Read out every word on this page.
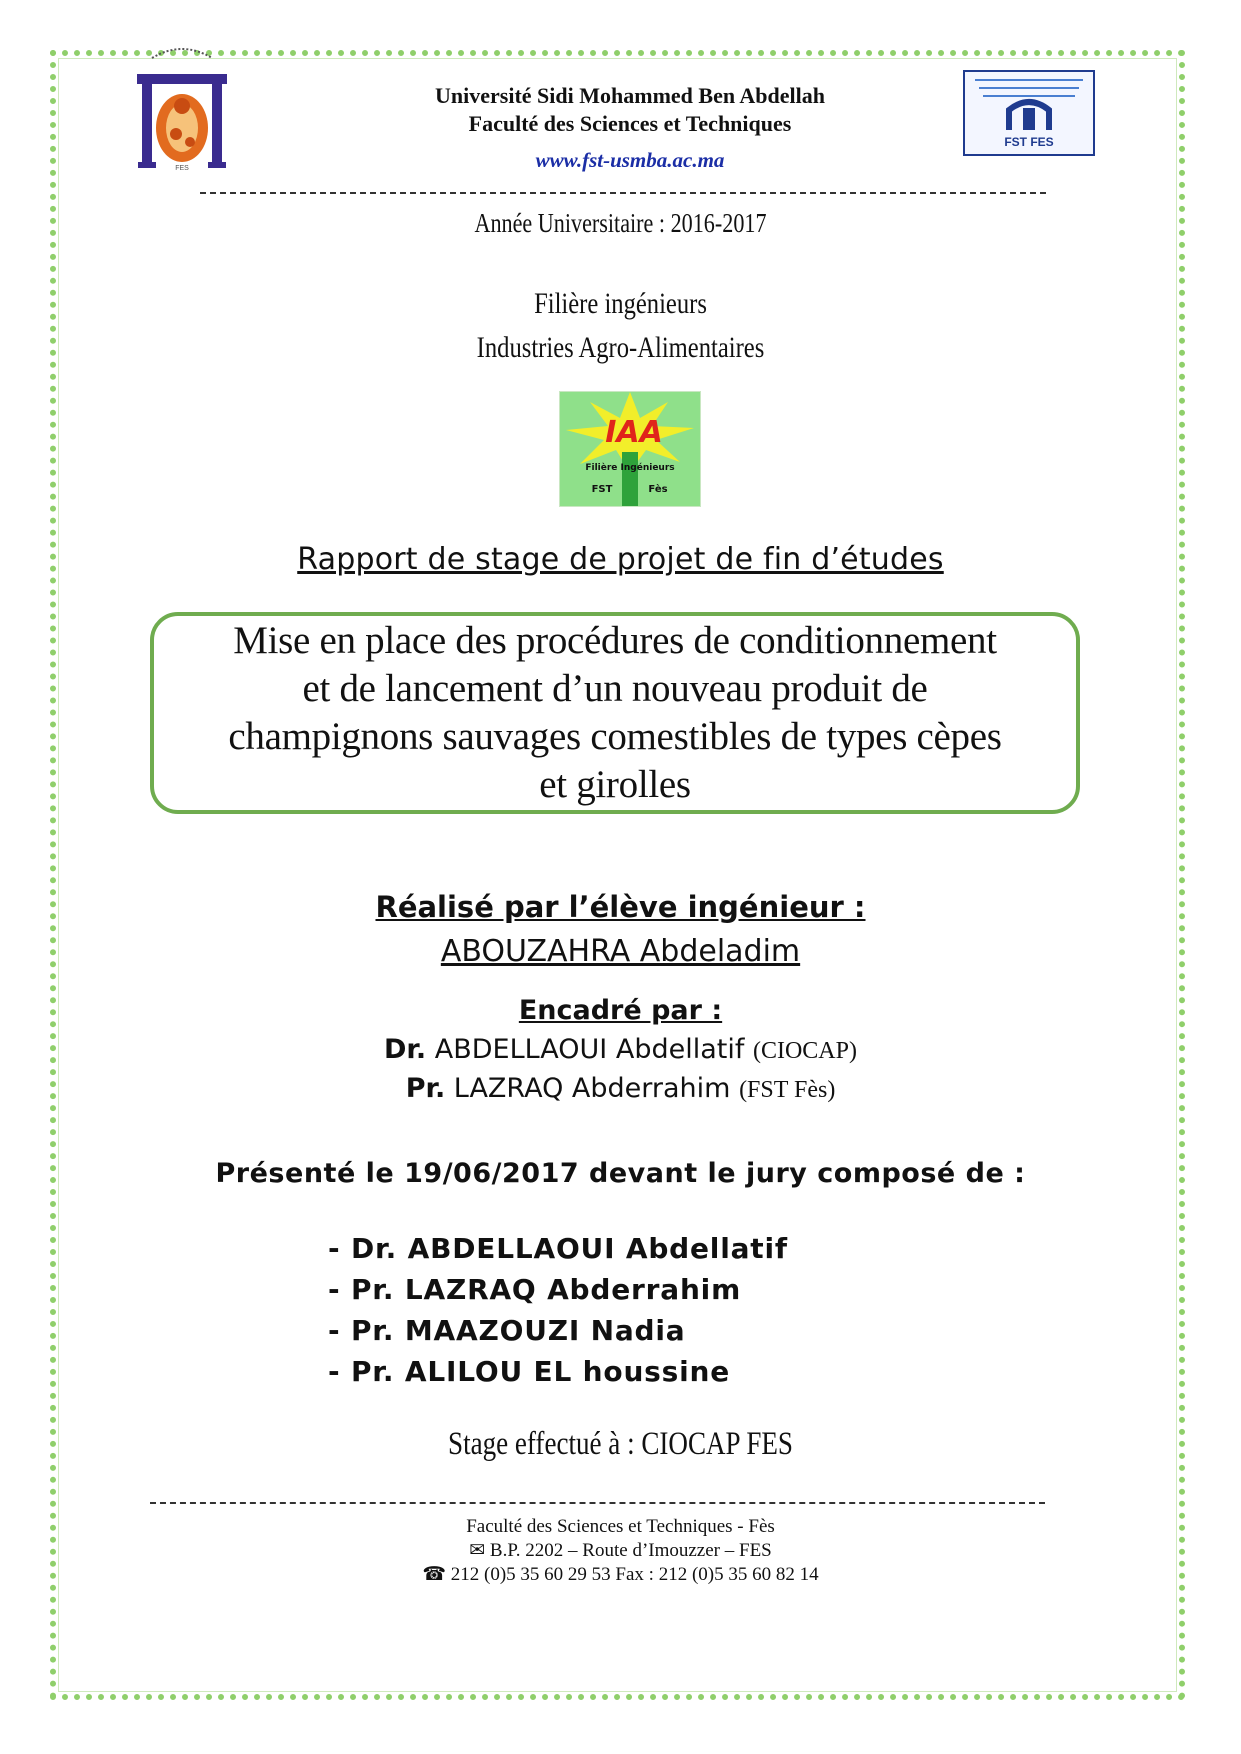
FES
Université Sidi Mohammed Ben Abdellah
Faculté des Sciences et Techniques
www.fst-usmba.ac.ma
FST FES
Année Universitaire : 2016-2017
Filière ingénieurs
Industries Agro-Alimentaires
IAA
Filière Ingénieurs
FST	Fès
Rapport de stage de projet de fin d’études
Mise en place des procédures de conditionnement
et de lancement d’un nouveau produit de
champignons sauvages comestibles de types cèpes
et girolles
Réalisé par l’élève ingénieur :
ABOUZAHRA Abdeladim
Encadré par :
Dr. ABDELLAOUI Abdellatif (CIOCAP)
Pr. LAZRAQ Abderrahim (FST Fès)
Présenté le 19/06/2017 devant le jury composé de :
- Dr. ABDELLAOUI Abdellatif
- Pr. LAZRAQ Abderrahim
- Pr. MAAZOUZI Nadia
- Pr. ALILOU EL houssine
Stage effectué à : CIOCAP FES
Faculté des Sciences et Techniques - Fès
✉ B.P. 2202 – Route d’Imouzzer – FES
☎ 212 (0)5 35 60 29 53 Fax : 212 (0)5 35 60 82 14
